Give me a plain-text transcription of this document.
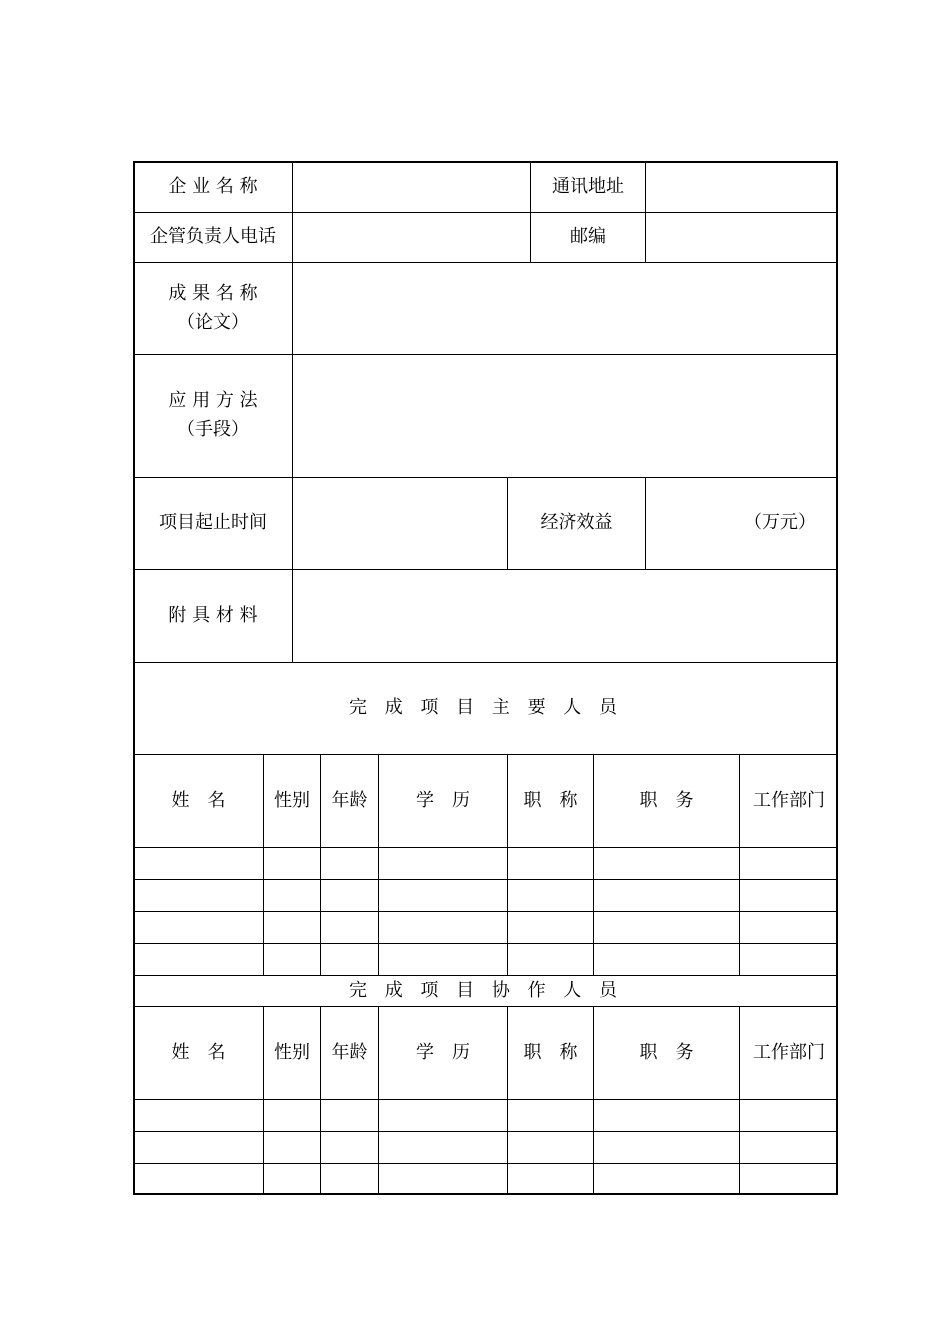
企 业 名 称	通讯地址
企管负责人电话	邮编
成 果 名 称
（论文）
应 用 方 法
（手段）
项目起止时间	经济效益	（万元）
附 具 材 料
完 成 项 目 主 要 人 员
姓　名	性别	年龄	学　历	职　称	职　务	工作部门
完 成 项 目 协 作 人 员
姓　名	性别	年龄	学　历	职　称	职　务	工作部门
